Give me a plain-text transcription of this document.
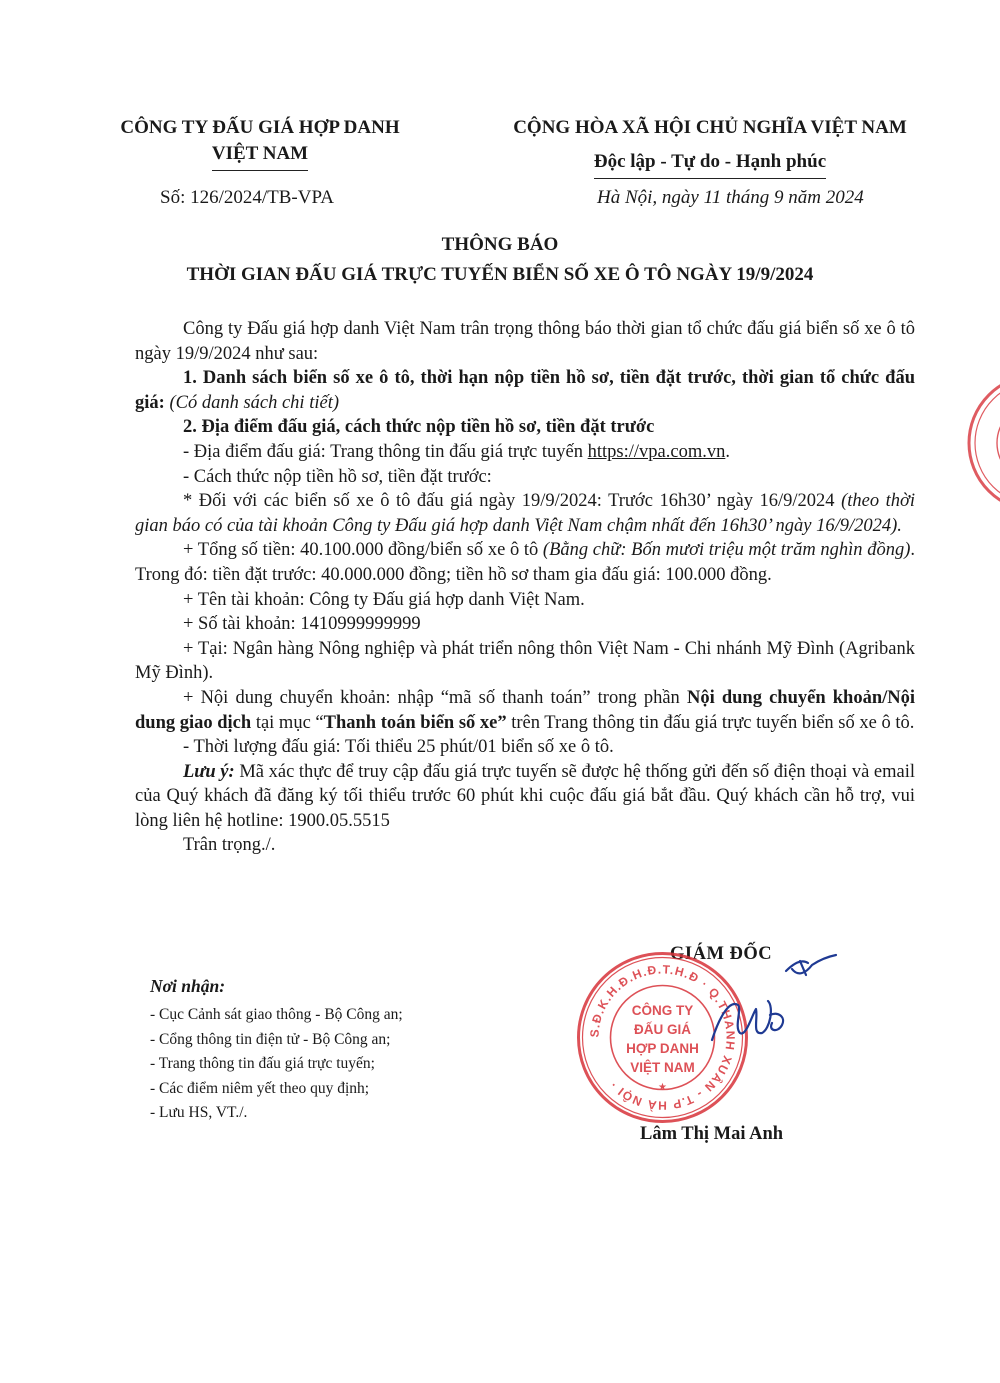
CÔNG TY ĐẤU GIÁ HỢP DANH
VIỆT NAM
CỘNG HÒA XÃ HỘI CHỦ NGHĨA VIỆT NAM
Độc lập - Tự do - Hạnh phúc
Số: 126/2024/TB-VPA	Hà Nội, ngày 11 tháng 9 năm 2024
THÔNG BÁO
THỜI GIAN ĐẤU GIÁ TRỰC TUYẾN BIỂN SỐ XE Ô TÔ NGÀY 19/9/2024

Công ty Đấu giá hợp danh Việt Nam trân trọng thông báo thời gian tổ chức đấu giá biển số xe ô tô ngày 19/9/2024 như sau:

1. Danh sách biển số xe ô tô, thời hạn nộp tiền hồ sơ, tiền đặt trước, thời gian tổ chức đấu giá: (Có danh sách chi tiết)

2. Địa điểm đấu giá, cách thức nộp tiền hồ sơ, tiền đặt trước

- Địa điểm đấu giá: Trang thông tin đấu giá trực tuyến https://vpa.com.vn.

- Cách thức nộp tiền hồ sơ, tiền đặt trước:

* Đối với các biển số xe ô tô đấu giá ngày 19/9/2024: Trước 16h30’ ngày 16/9/2024 (theo thời gian báo có của tài khoản Công ty Đấu giá hợp danh Việt Nam chậm nhất đến 16h30’ ngày 16/9/2024).

+ Tổng số tiền: 40.100.000 đồng/biển số xe ô tô (Bằng chữ: Bốn mươi triệu một trăm nghìn đồng). Trong đó: tiền đặt trước: 40.000.000 đồng; tiền hồ sơ tham gia đấu giá: 100.000 đồng.

+ Tên tài khoản: Công ty Đấu giá hợp danh Việt Nam.

+ Số tài khoản: 1410999999999

+ Tại: Ngân hàng Nông nghiệp và phát triển nông thôn Việt Nam - Chi nhánh Mỹ Đình (Agribank Mỹ Đình).

+ Nội dung chuyển khoản: nhập “mã số thanh toán” trong phần Nội dung chuyển khoản/Nội dung giao dịch tại mục “Thanh toán biển số xe” trên Trang thông tin đấu giá trực tuyến biển số xe ô tô.

- Thời lượng đấu giá: Tối thiểu 25 phút/01 biển số xe ô tô.

Lưu ý: Mã xác thực để truy cập đấu giá trực tuyến sẽ được hệ thống gửi đến số điện thoại và email của Quý khách đã đăng ký tối thiểu trước 60 phút khi cuộc đấu giá bắt đầu. Quý khách cần hỗ trợ, vui lòng liên hệ hotline: 1900.05.5515

Trân trọng./.

Nơi nhận:
- Cục Cảnh sát giao thông - Bộ Công an;
- Cổng thông tin điện tử - Bộ Công an;
- Trang thông tin đấu giá trực tuyến;
- Các điểm niêm yết theo quy định;
- Lưu HS, VT./.
GIÁM ĐỐC
S.Đ.K.H.Đ.H.Đ.T.H.Đ · Q.THANH XUÂN - T.P HÀ NỘI ·
CÔNG TY
ĐẤU GIÁ
HỢP DANH
VIỆT NAM
★
Lâm Thị Mai Anh
